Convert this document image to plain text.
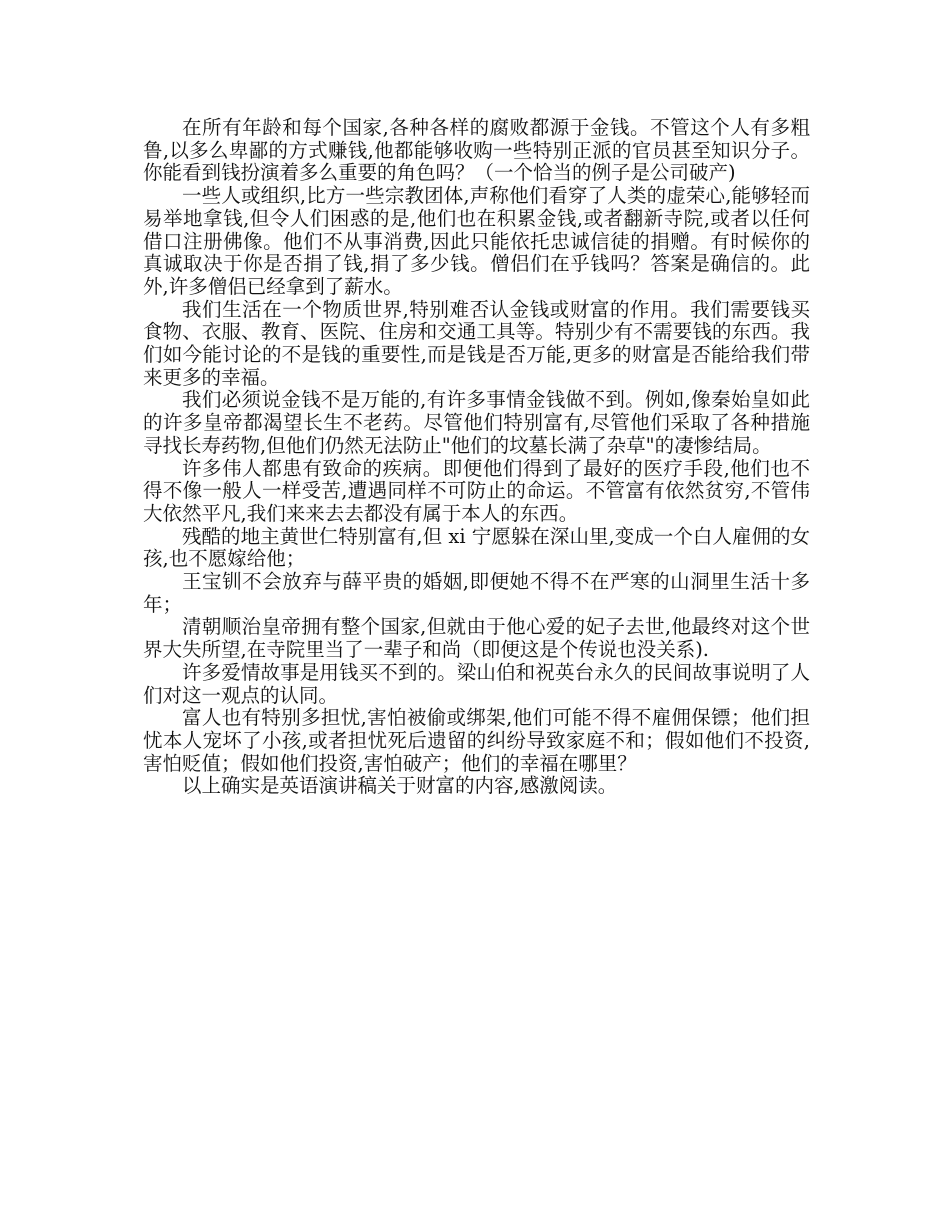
在所有年龄和每个国家,各种各样的腐败都源于金钱。不管这个人有多粗鲁,以多么卑鄙的方式赚钱,他都能够收购一些特别正派的官员甚至知识分子。你能看到钱扮演着多么重要的角色吗？（一个恰当的例子是公司破产)

一些人或组织,比方一些宗教团体,声称他们看穿了人类的虚荣心,能够轻而易举地拿钱,但令人们困惑的是,他们也在积累金钱,或者翻新寺院,或者以任何借口注册佛像。他们不从事消费,因此只能依托忠诚信徒的捐赠。有时候你的真诚取决于你是否捐了钱,捐了多少钱。僧侣们在乎钱吗？答案是确信的。此外,许多僧侣已经拿到了薪水。

我们生活在一个物质世界,特别难否认金钱或财富的作用。我们需要钱买食物、衣服、教育、医院、住房和交通工具等。特别少有不需要钱的东西。我们如今能讨论的不是钱的重要性,而是钱是否万能,更多的财富是否能给我们带来更多的幸福。

我们必须说金钱不是万能的,有许多事情金钱做不到。例如,像秦始皇如此的许多皇帝都渴望长生不老药。尽管他们特别富有,尽管他们采取了各种措施寻找长寿药物,但他们仍然无法防止"他们的坟墓长满了杂草"的凄惨结局。

许多伟人都患有致命的疾病。即便他们得到了最好的医疗手段,他们也不得不像一般人一样受苦,遭遇同样不可防止的命运。不管富有依然贫穷,不管伟大依然平凡,我们来来去去都没有属于本人的东西。

残酷的地主黄世仁特别富有,但 xi 宁愿躲在深山里,变成一个白人雇佣的女孩,也不愿嫁给他；

王宝钏不会放弃与薛平贵的婚姻,即便她不得不在严寒的山洞里生活十多年；

清朝顺治皇帝拥有整个国家,但就由于他心爱的妃子去世,他最终对这个世界大失所望,在寺院里当了一辈子和尚（即便这是个传说也没关系).

许多爱情故事是用钱买不到的。梁山伯和祝英台永久的民间故事说明了人们对这一观点的认同。

富人也有特别多担忧,害怕被偷或绑架,他们可能不得不雇佣保镖；他们担忧本人宠坏了小孩,或者担忧死后遗留的纠纷导致家庭不和；假如他们不投资,害怕贬值；假如他们投资,害怕破产；他们的幸福在哪里？

以上确实是英语演讲稿关于财富的内容,感激阅读。
